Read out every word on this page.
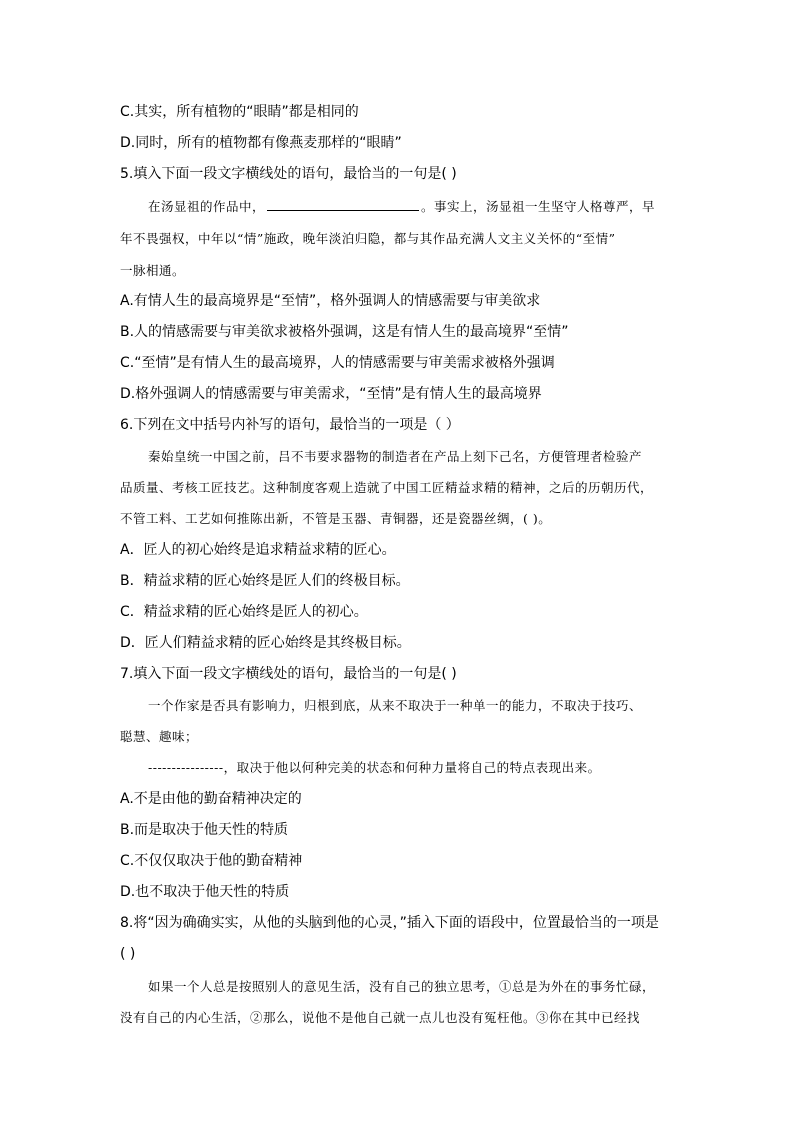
C.其实，所有植物的“眼睛”都是相同的
D.同时，所有的植物都有像燕麦那样的“眼睛”
5.填入下面一段文字横线处的语句，最恰当的一句是( )
在汤显祖的作品中，	。事实上，汤显祖一生坚守人格尊严，早
年不畏强权，中年以“情”施政，晚年淡泊归隐，都与其作品充满人文主义关怀的“至情”
一脉相通。
A.有情人生的最高境界是“至情”，格外强调人的情感需要与审美欲求
B.人的情感需要与审美欲求被格外强调，这是有情人生的最高境界“至情”
C.“至情”是有情人生的最高境界，人的情感需要与审美需求被格外强调
D.格外强调人的情感需要与审美需求，“至情”是有情人生的最高境界
6.下列在文中括号内补写的语句，最恰当的一项是（ ）
秦始皇统一中国之前，吕不韦要求器物的制造者在产品上刻下己名，方便管理者检验产
品质量、考核工匠技艺。这种制度客观上造就了中国工匠精益求精的精神，之后的历朝历代，
不管工料、工艺如何推陈出新，不管是玉器、青铜器，还是瓷器丝绸，( )。
A．匠人的初心始终是追求精益求精的匠心。
B．精益求精的匠心始终是匠人们的终极目标。
C．精益求精的匠心始终是匠人的初心。
D．匠人们精益求精的匠心始终是其终极目标。
7.填入下面一段文字横线处的语句，最恰当的一句是( )
一个作家是否具有影响力，归根到底，从来不取决于一种单一的能力，不取决于技巧、
聪慧、趣味；
----------------，取决于他以何种完美的状态和何种力量将自己的特点表现出来。
A.不是由他的勤奋精神决定的
B.而是取决于他天性的特质
C.不仅仅取决于他的勤奋精神
D.也不取决于他天性的特质
8.将“因为确确实实，从他的头脑到他的心灵，”插入下面的语段中，位置最恰当的一项是
( )
如果一个人总是按照别人的意见生活，没有自己的独立思考，①总是为外在的事务忙碌，
没有自己的内心生活，②那么，说他不是他自己就一点儿也没有冤枉他。③你在其中已经找
